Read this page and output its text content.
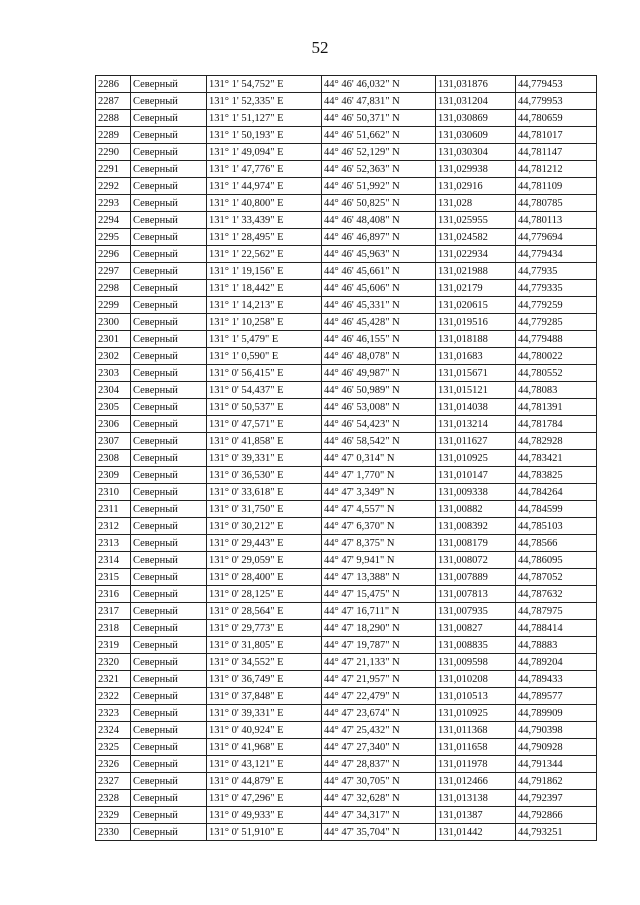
52
2286	Северный	131° 1' 54,752" E	44° 46' 46,032" N	131,031876	44,779453
2287	Северный	131° 1' 52,335" E	44° 46' 47,831" N	131,031204	44,779953
2288	Северный	131° 1' 51,127" E	44° 46' 50,371" N	131,030869	44,780659
2289	Северный	131° 1' 50,193" E	44° 46' 51,662" N	131,030609	44,781017
2290	Северный	131° 1' 49,094" E	44° 46' 52,129" N	131,030304	44,781147
2291	Северный	131° 1' 47,776" E	44° 46' 52,363" N	131,029938	44,781212
2292	Северный	131° 1' 44,974" E	44° 46' 51,992" N	131,02916	44,781109
2293	Северный	131° 1' 40,800" E	44° 46' 50,825" N	131,028	44,780785
2294	Северный	131° 1' 33,439" E	44° 46' 48,408" N	131,025955	44,780113
2295	Северный	131° 1' 28,495" E	44° 46' 46,897" N	131,024582	44,779694
2296	Северный	131° 1' 22,562" E	44° 46' 45,963" N	131,022934	44,779434
2297	Северный	131° 1' 19,156" E	44° 46' 45,661" N	131,021988	44,77935
2298	Северный	131° 1' 18,442" E	44° 46' 45,606" N	131,02179	44,779335
2299	Северный	131° 1' 14,213" E	44° 46' 45,331" N	131,020615	44,779259
2300	Северный	131° 1' 10,258" E	44° 46' 45,428" N	131,019516	44,779285
2301	Северный	131° 1' 5,479" E	44° 46' 46,155" N	131,018188	44,779488
2302	Северный	131° 1' 0,590" E	44° 46' 48,078" N	131,01683	44,780022
2303	Северный	131° 0' 56,415" E	44° 46' 49,987" N	131,015671	44,780552
2304	Северный	131° 0' 54,437" E	44° 46' 50,989" N	131,015121	44,78083
2305	Северный	131° 0' 50,537" E	44° 46' 53,008" N	131,014038	44,781391
2306	Северный	131° 0' 47,571" E	44° 46' 54,423" N	131,013214	44,781784
2307	Северный	131° 0' 41,858" E	44° 46' 58,542" N	131,011627	44,782928
2308	Северный	131° 0' 39,331" E	44° 47' 0,314" N	131,010925	44,783421
2309	Северный	131° 0' 36,530" E	44° 47' 1,770" N	131,010147	44,783825
2310	Северный	131° 0' 33,618" E	44° 47' 3,349" N	131,009338	44,784264
2311	Северный	131° 0' 31,750" E	44° 47' 4,557" N	131,00882	44,784599
2312	Северный	131° 0' 30,212" E	44° 47' 6,370" N	131,008392	44,785103
2313	Северный	131° 0' 29,443" E	44° 47' 8,375" N	131,008179	44,78566
2314	Северный	131° 0' 29,059" E	44° 47' 9,941" N	131,008072	44,786095
2315	Северный	131° 0' 28,400" E	44° 47' 13,388" N	131,007889	44,787052
2316	Северный	131° 0' 28,125" E	44° 47' 15,475" N	131,007813	44,787632
2317	Северный	131° 0' 28,564" E	44° 47' 16,711" N	131,007935	44,787975
2318	Северный	131° 0' 29,773" E	44° 47' 18,290" N	131,00827	44,788414
2319	Северный	131° 0' 31,805" E	44° 47' 19,787" N	131,008835	44,78883
2320	Северный	131° 0' 34,552" E	44° 47' 21,133" N	131,009598	44,789204
2321	Северный	131° 0' 36,749" E	44° 47' 21,957" N	131,010208	44,789433
2322	Северный	131° 0' 37,848" E	44° 47' 22,479" N	131,010513	44,789577
2323	Северный	131° 0' 39,331" E	44° 47' 23,674" N	131,010925	44,789909
2324	Северный	131° 0' 40,924" E	44° 47' 25,432" N	131,011368	44,790398
2325	Северный	131° 0' 41,968" E	44° 47' 27,340" N	131,011658	44,790928
2326	Северный	131° 0' 43,121" E	44° 47' 28,837" N	131,011978	44,791344
2327	Северный	131° 0' 44,879" E	44° 47' 30,705" N	131,012466	44,791862
2328	Северный	131° 0' 47,296" E	44° 47' 32,628" N	131,013138	44,792397
2329	Северный	131° 0' 49,933" E	44° 47' 34,317" N	131,01387	44,792866
2330	Северный	131° 0' 51,910" E	44° 47' 35,704" N	131,01442	44,793251
